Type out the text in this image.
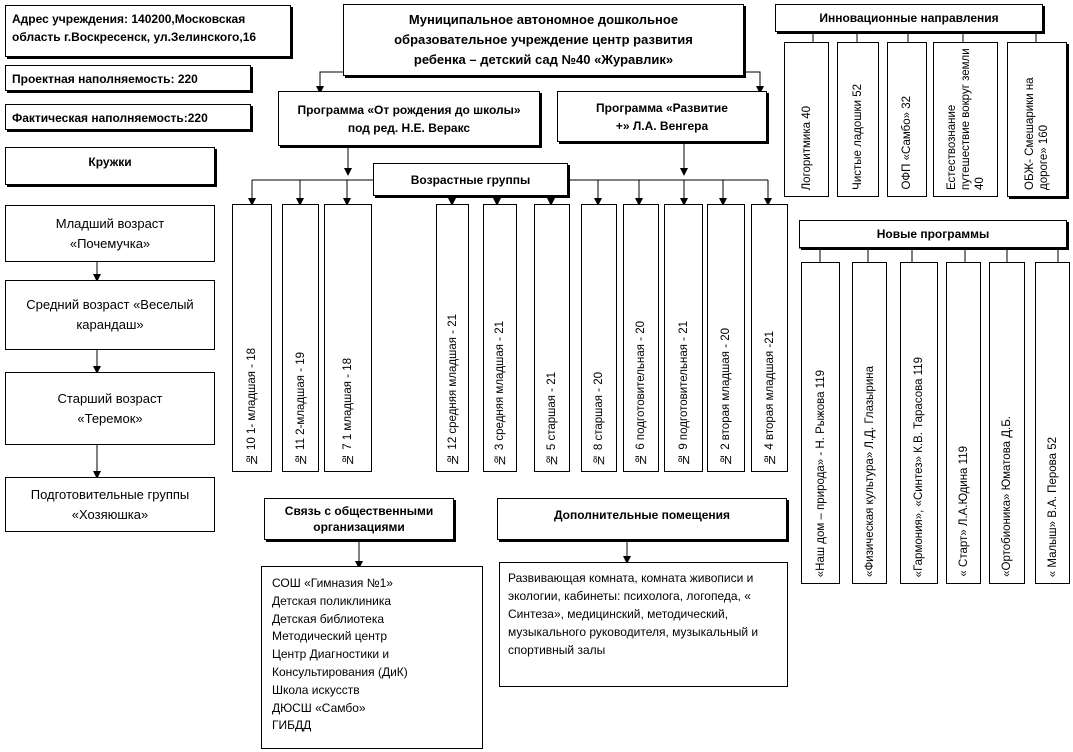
Адрес учреждения: 140200,Московская область г.Воскресенск, ул.Зелинского,16
Проектная наполняемость: 220
Фактическая наполняемость:220
Муниципальное автономное дошкольное образовательное учреждение центр развития ребенка – детский сад №40 «Журавлик»
Программа «От рождения до школы» под ред. Н.Е. Веракс
Программа «Развитие +» Л.А. Венгера
Возрастные группы
№ 10 1- младшая - 18	№ 11 2-младшая - 19	№ 7 1 младшая - 18	№ 12 средняя младшая - 21	№ 3 средняя младшая - 21	№ 5 старшая - 21	№ 8 старшая - 20	№ 6 подготовительная - 20	№ 9 подготовительная - 21	№ 2 вторая младшая - 20	№ 4 вторая младшая -21
Кружки
Младший возраст «Почемучка»
Средний возраст «Веселый карандаш»
Старший возраст «Теремок»
Подготовительные группы «Хозяюшка»
Инновационные направления
Логоритмика 40	Чистые ладошки 52	ОФП «Самбо» 32	Естествознание путешествие вокруг земли 40	ОБЖ- Смешарики на дороге» 160
Новые программы
«Наш дом – природа» - Н. Рыжова 119	«Физическая культура» Л.Д. Глазырина	«Гармония», «Синтез» К.В. Тарасова 119	« Старт» Л.А.Юдина 119	«Ортобионика» Юматова Д.Б.	« Малыш» В.А. Перова 52
Связь с общественными организациями
СОШ «Гимназия №1»
Детская поликлиника
Детская библиотека
Методический центр
Центр Диагностики и Консультирования (ДиК)
Школа искусств
ДЮСШ «Самбо»
ГИБДД
Дополнительные помещения
Развивающая комната, комната живописи и экологии, кабинеты: психолога, логопеда, « Синтеза», медицинский, методический, музыкального руководителя, музыкальный и спортивный залы
